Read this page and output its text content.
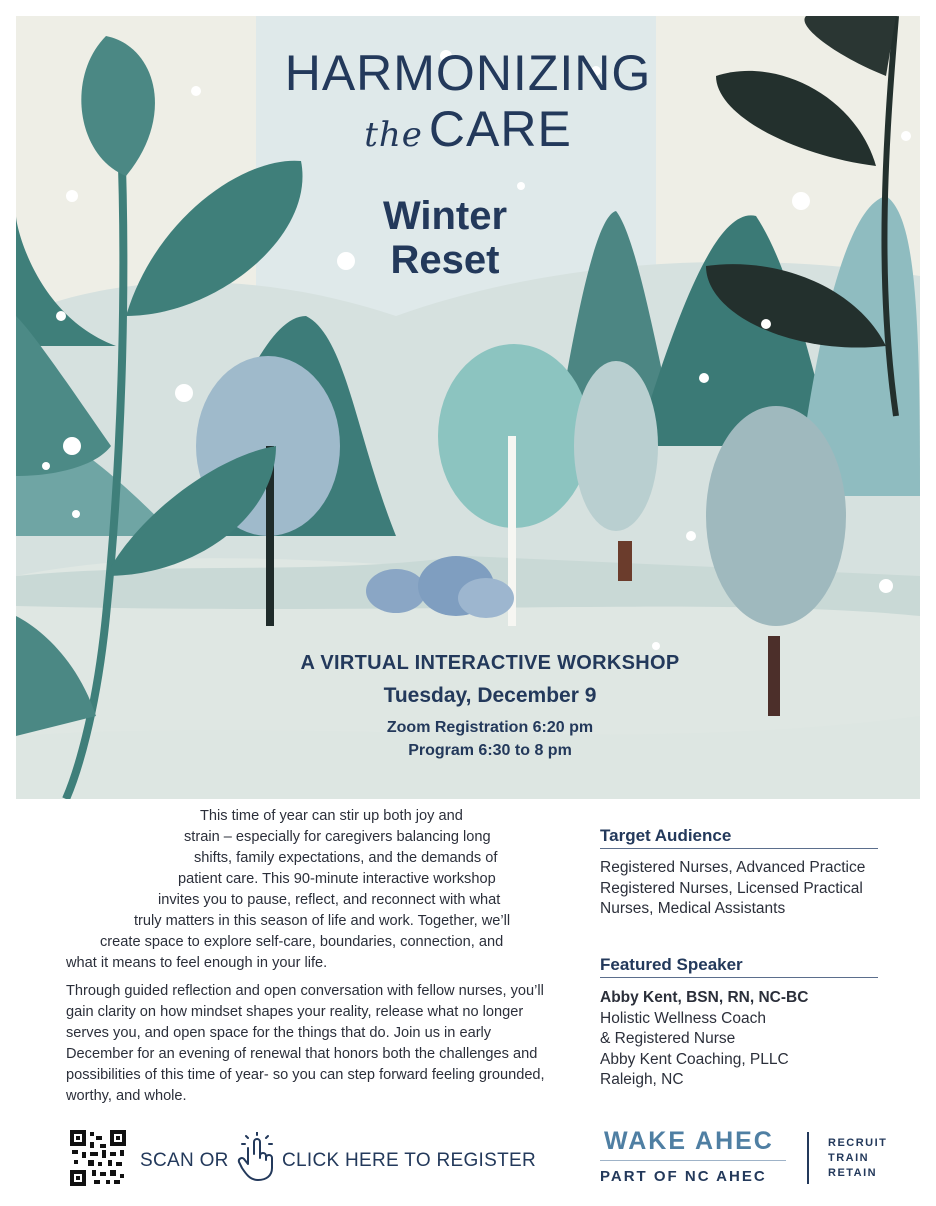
HARMONIZING
the CARE
Winter
Reset
A VIRTUAL INTERACTIVE WORKSHOP
Tuesday, December 9
Zoom Registration 6:20 pm
Program 6:30 to 8 pm
This time of year can stir up both joy and
strain – especially for caregivers balancing long
shifts, family expectations, and the demands of
patient care. This 90-minute interactive workshop
invites you to pause, reflect, and reconnect with what
truly matters in this season of life and work. Together, we’ll
create space to explore self-care, boundaries, connection, and
what it means to feel enough in your life.
Through guided reflection and open conversation with fellow nurses, you’ll gain clarity on how mindset shapes your reality, release what no longer serves you, and open space for the things that do. Join us in early December for an evening of renewal that honors both the challenges and possibilities of this time of year- so you can step forward feeling grounded, worthy, and whole.
Target Audience
Registered Nurses, Advanced Practice Registered Nurses, Licensed Practical Nurses, Medical Assistants
Featured Speaker
Abby Kent, BSN, RN, NC-BC
Holistic Wellness Coach
& Registered Nurse
Abby Kent Coaching, PLLC
Raleigh, NC
SCAN OR	CLICK HERE TO REGISTER
WAKE AHEC
PART OF NC AHEC
RECRUIT
TRAIN
RETAIN
